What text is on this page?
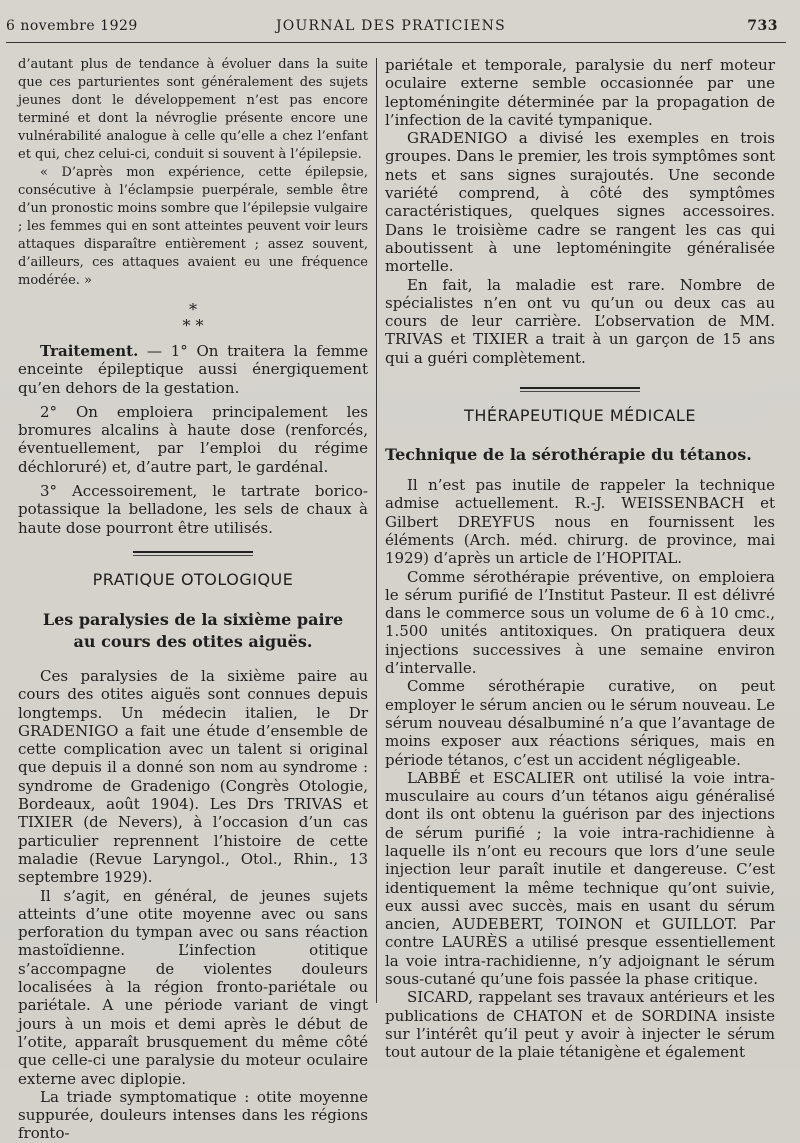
6 novembre 1929	JOURNAL DES PRATICIENS	733

d’autant plus de tendance à évoluer dans la suite que ces parturientes sont généralement des sujets jeunes dont le développement n’est pas encore terminé et dont la névroglie présente encore une vulnérabilité analogue à celle qu’elle a chez l’enfant et qui, chez celui-ci, conduit si souvent à l’épilepsie.

« D’après mon expérience, cette épilepsie, consécutive à l’éclampsie puerpérale, semble être d’un pronostic moins sombre que l’épilepsie vulgaire ; les femmes qui en sont atteintes peuvent voir leurs attaques disparaître entièrement ; assez souvent, d’ailleurs, ces attaques avaient eu une fréquence modérée. »

*
* *

Traitement. — 1° On traitera la femme enceinte épileptique aussi énergiquement qu’en dehors de la gestation.

2° On emploiera principalement les bromures alcalins à haute dose (renforcés, éventuellement, par l’emploi du régime déchloruré) et, d’autre part, le gardénal.

3° Accessoirement, le tartrate borico-potassique la belladone, les sels de chaux à haute dose pourront être utilisés.

PRATIQUE OTOLOGIQUE
Les paralysies de la sixième paire
au cours des otites aiguës.

Ces paralysies de la sixième paire au cours des otites aiguës sont connues depuis longtemps. Un médecin italien, le Dr GRADENIGO a fait une étude d’ensemble de cette complication avec un talent si original que depuis il a donné son nom au syndrome : syndrome de Gradenigo (Congrès Otologie, Bordeaux, août 1904). Les Drs TRIVAS et TIXIER (de Nevers), à l’occasion d’un cas particulier reprennent l’histoire de cette maladie (Revue Laryngol., Otol., Rhin., 13 septembre 1929).

Il s’agit, en général, de jeunes sujets atteints d’une otite moyenne avec ou sans perforation du tympan avec ou sans réaction mastoïdienne. L’infection otitique s’accompagne de violentes douleurs localisées à la région fronto-pariétale ou pariétale. A une période variant de vingt jours à un mois et demi après le début de l’otite, apparaît brusquement du même côté que celle-ci une paralysie du moteur oculaire externe avec diplopie.

La triade symptomatique : otite moyenne suppurée, douleurs intenses dans les régions fronto-

pariétale et temporale, paralysie du nerf moteur oculaire externe semble occasionnée par une leptoméningite déterminée par la propagation de l’infection de la cavité tympanique.

GRADENIGO a divisé les exemples en trois groupes. Dans le premier, les trois symptômes sont nets et sans signes surajoutés. Une seconde variété comprend, à côté des symptômes caractéristiques, quelques signes accessoires. Dans le troisième cadre se rangent les cas qui aboutissent à une leptoméningite généralisée mortelle.

En fait, la maladie est rare. Nombre de spécialistes n’en ont vu qu’un ou deux cas au cours de leur carrière. L’observation de MM. TRIVAS et TIXIER a trait à un garçon de 15 ans qui a guéri complètement.

THÉRAPEUTIQUE MÉDICALE
Technique de la sérothérapie du tétanos.

Il n’est pas inutile de rappeler la technique admise actuellement. R.-J. WEISSENBACH et Gilbert DREYFUS nous en fournissent les éléments (Arch. méd. chirurg. de province, mai 1929) d’après un article de l’HOPITAL.

Comme sérothérapie préventive, on emploiera le sérum purifié de l’Institut Pasteur. Il est délivré dans le commerce sous un volume de 6 à 10 cmc., 1.500 unités antitoxiques. On pratiquera deux injections successives à une semaine environ d’intervalle.

Comme sérothérapie curative, on peut employer le sérum ancien ou le sérum nouveau. Le sérum nouveau désalbuminé n’a que l’avantage de moins exposer aux réactions sériques, mais en période tétanos, c’est un accident négligeable.

LABBÉ et ESCALIER ont utilisé la voie intra-musculaire au cours d’un tétanos aigu généralisé dont ils ont obtenu la guérison par des injections de sérum purifié ; la voie intra-rachidienne à laquelle ils n’ont eu recours que lors d’une seule injection leur paraît inutile et dangereuse. C’est identiquement la même technique qu’ont suivie, eux aussi avec succès, mais en usant du sérum ancien, AUDEBERT, TOINON et GUILLOT. Par contre LAURÈS a utilisé presque essentiellement la voie intra-rachidienne, n’y adjoignant le sérum sous-cutané qu’une fois passée la phase critique.

SICARD, rappelant ses travaux antérieurs et les publications de CHATON et de SORDINA insiste sur l’intérêt qu’il peut y avoir à injecter le sérum tout autour de la plaie tétanigène et également
